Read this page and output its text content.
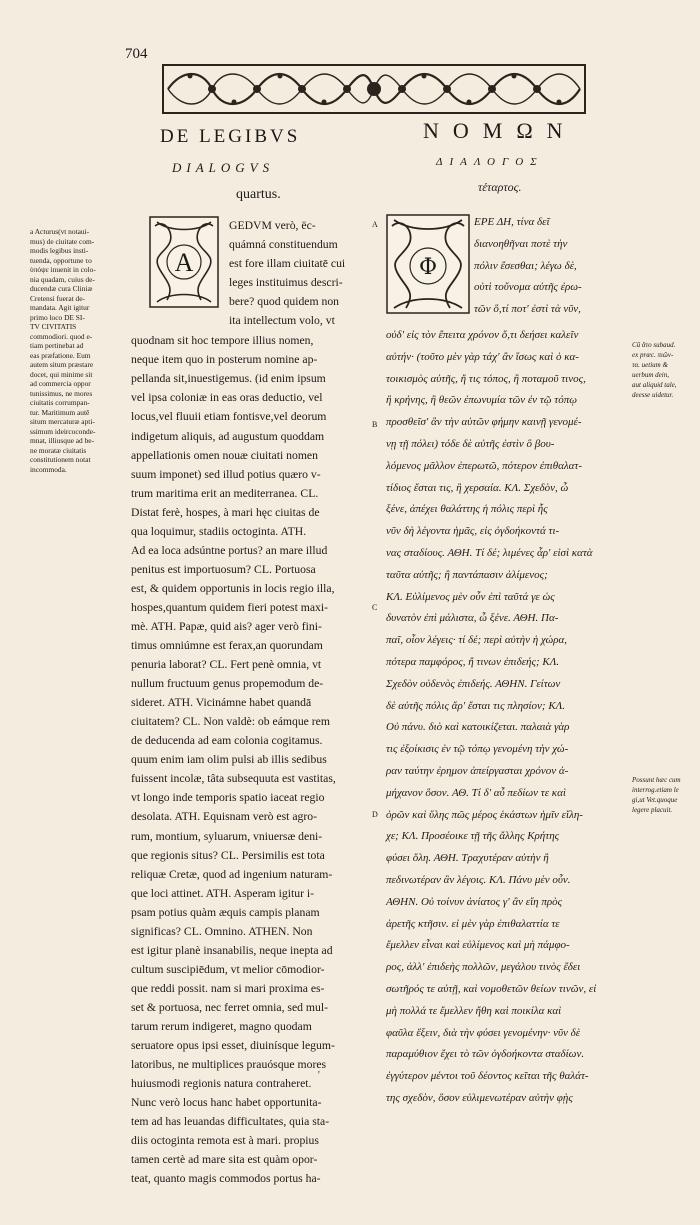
704
DE LEGIBVS	ΝΟΜΩΝ
DIALOGVS	ΔΙΑΛΟΓΟΣ
quartus.	τέταρτος.

a Acturus(vt notaui-

mus) de ciuitate com-

modis legibus insti-

tuenda, opportune το

ὑπόψε inuenit in colo-

nia quadam, cuius de-

ducendæ cura Cliniæ

Cretensi fuerat de-

mandata. Agit igitur

primo loco DE SI-

TV CIVITATIS

commodiori. quod e-

tiam pertinebat ad

eas præfatione. Eum

autem situm præstare

docet, qui minime sit

ad commercia oppor

tunissimus, ne mores

ciuitatis corrumpan-

tur. Maritimum autē

situm mercaturæ apti-

ssimum ideircoconde-

mnat, illiusque ad be-

ne moratæ ciuitatis

constitutionem notat

incommoda.

A	Φ
GEDVM verò, ëc-
quámná constituendum
est fore illam ciuitatē cui
leges instituimus descri-
bere? quod quidem non
ita intellectum volo, vt
quodnam sit hoc tempore illius nomen,
neque item quo in posterum nomine ap-
pellanda sit,inuestigemus. (id enim ipsum
vel ipsa coloniæ in eas oras deductio, vel
locus,vel fluuii etiam fontisve,vel deorum
indigetum aliquis, ad augustum quoddam
appellationis omen nouæ ciuitati nomen
suum imponet) sed illud potius quæro v-
trum maritima erit an mediterranea. CL.
Distat ferè, hospes, à mari hęc ciuitas de
qua loquimur, stadiis octoginta. ATH.
Ad ea loca adsúntne portus? an mare illud
penitus est importuosum? CL. Portuosa
est, & quidem opportunis in locis regio illa,
hospes,quantum quidem fieri potest maxi-
mè. ATH. Papæ, quid ais? ager verò fini-
timus omniúmne est ferax,an quorundam
penuria laborat? CL. Fert penè omnia, vt
nullum fructuum genus propemodum de-
sideret. ATH. Vicinámne habet quandā
ciuitatem? CL. Non valdè: ob eámque rem
de deducenda ad eam colonia cogitamus.
quum enim iam olim pulsi ab illis sedibus
fuissent incolæ, tâta subsequuta est vastitas,
vt longo inde temporis spatio iaceat regio
desolata. ATH. Equisnam verò est agro-
rum, montium, syluarum, vniuersæ deni-
que regionis situs? CL. Persimilis est tota
reliquæ Cretæ, quod ad ingenium naturam-
que loci attinet. ATH. Asperam igitur i-
psam potius quàm æquis campis planam
significas? CL. Omnino. ATHEN. Non
est igitur planè insanabilis, neque inepta ad
cultum suscipiēdum, vt melior cōmodior-
que reddi possit. nam si mari proxima es-
set & portuosa, nec ferret omnia, sed mul-
tarum rerum indigeret, magno quodam
seruatore opus ipsi esset, diuinísque legum-
latoribus, ne multiplices prauósque mores
huiusmodi regionis natura contraheret.
Nunc verò locus hanc habet opportunita-
tem ad has leuandas difficultates, quia sta-
diis octoginta remota est à mari. propius
tamen certè ad mare sita est quàm opor-
teat, quanto magis commodos portus ha-
ΕΡΕ ΔΗ, τίνα δεῖ
διανοηθῆναι ποτὲ τὴν
πόλιν ἔσεσθαι; λέγω δὲ,
οὐτὶ τοὔνομα αὐτῆς ἐρω-
τῶν ὅ,τί ποτ' ἐστὶ τὰ νῦν,
οὐδ' εἰς τὸν ἔπειτα χρόνον ὅ,τι δεήσει καλεῖν
αὐτήν· (τοῦτο μὲν γὰρ τάχ' ἂν ἴσως καὶ ὁ κα-
τοικισμὸς αὐτῆς, ἤ τις τόπος, ἢ ποταμοῦ τινος,
ἢ κρήνης, ἢ θεῶν ἐπωνυμία τῶν ἐν τῷ τόπῳ
προσθεῖσ' ἂν τὴν αὑτῶν φήμην καινῇ γενομέ-
νῃ τῇ πόλει) τόδε δὲ αὐτῆς ἐστὶν ὃ βου-
λόμενος μᾶλλον ἐπερωτῶ, πότερον ἐπιθαλατ-
τίδιος ἔσται τις, ἢ χερσαία. ΚΛ. Σχεδὸν, ὦ
ξένε, ἀπέχει θαλάττης ἡ πόλις περὶ ἧς
νῦν δὴ λέγοντα ἡμᾶς, εἰς ὀγδοήκοντά τι-
νας σταδίους. ΑΘΗ. Τί δέ; λιμένες ἆρ' εἰσὶ κατὰ
ταῦτα αὐτῆς; ἢ παντάπασιν ἀλίμενος;
ΚΛ. Εὐλίμενος μὲν οὖν ἐπὶ ταῦτά γε ὡς
δυνατὸν ἐπὶ μάλιστα, ὦ ξένε. ΑΘΗ. Πα-
παῖ, οἷον λέγεις· τί δέ; περὶ αὐτὴν ἡ χώρα,
πότερα παμφόρος, ἤ τινων ἐπιδεής; ΚΛ.
Σχεδὸν οὐδενὸς ἐπιδεής. ΑΘΗΝ. Γείτων
δὲ αὐτῆς πόλις ἄρ' ἔσται τις πλησίον; ΚΛ.
Οὐ πάνυ. διὸ καὶ κατοικίζεται. παλαιὰ γὰρ
τις ἐξοίκισις ἐν τῷ τόπῳ γενομένη τὴν χώ-
ραν ταύτην ἐρημον ἀπείργασται χρόνον ἀ-
μήχανον ὅσον. ΑΘ. Τί δ' αὖ πεδίων τε καὶ
ὀρῶν καὶ ὕλης πῶς μέρος ἑκάστων ἡμῖν εἴλη-
χε; ΚΛ. Προσέοικε τῇ τῆς ἄλλης Κρήτης
φύσει ὅλη. ΑΘΗ. Τραχυτέραν αὐτὴν ἢ
πεδινωτέραν ἂν λέγοις. ΚΛ. Πάνυ μὲν οὖν.
ΑΘΗΝ. Οὐ τοίνυν ἀνίατος γ' ἂν εἴη πρὸς
ἀρετῆς κτῆσιν. εἰ μὲν γὰρ ἐπιθαλαττία τε
ἔμελλεν εἶναι καὶ εὐλίμενος καὶ μὴ πάμφο-
ρος, ἀλλ' ἐπιδεὴς πολλῶν, μεγάλου τινὸς ἔδει
σωτῆρός τε αὐτῇ, καὶ νομοθετῶν θείων τινῶν, εἰ
μὴ πολλά τε ἔμελλεν ἤθη καὶ ποικίλα καὶ
φαῦλα ἕξειν, διὰ τὴν φύσει γενομένην· νῦν δὲ
παραμύθιον ἔχει τὸ τῶν ὀγδοήκοντα σταδίων.
ἐγγύτερον μέντοι τοῦ δέοντος κεῖται τῆς θαλάτ-
της σχεδὸν, ὅσον εὐλιμενωτέραν αὐτὴν φῂς
A
B
C
D

Cū ἅτο subaud.

ex præc. πιῶν-

τα. uetium &

uerbum dein,

aut aliquid tale,

deesse uidetur.

Possunt hæc cum

interrog.etiam le

gi,ut Vet.quoque

legere placuit.

'
